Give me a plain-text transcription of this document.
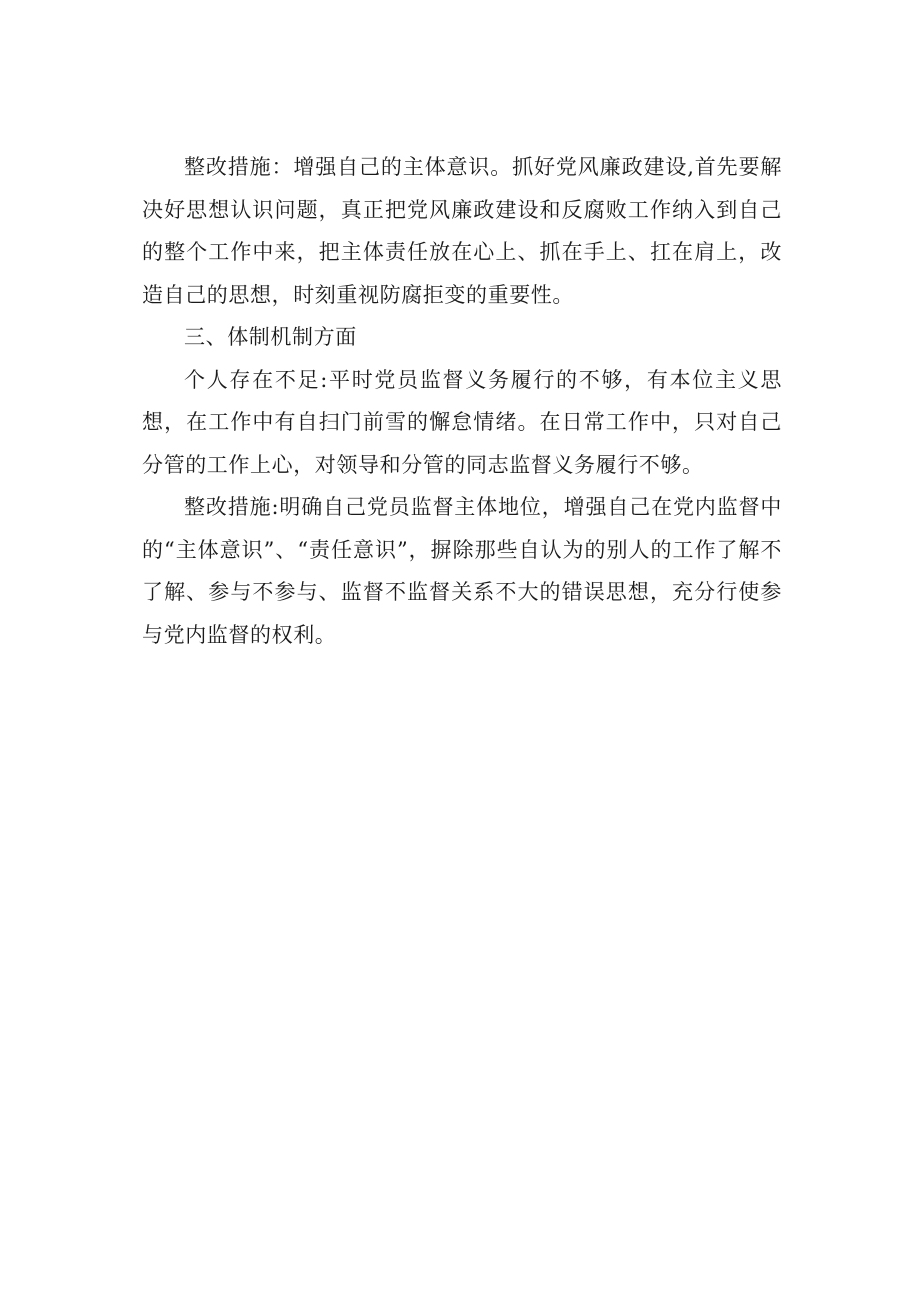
整改措施：增强自己的主体意识。抓好党风廉政建设,首先要解决好思想认识问题，真正把党风廉政建设和反腐败工作纳入到自己的整个工作中来，把主体责任放在心上、抓在手上、扛在肩上，改造自己的思想，时刻重视防腐拒变的重要性。

三、体制机制方面

个人存在不足:平时党员监督义务履行的不够，有本位主义思想，在工作中有自扫门前雪的懈怠情绪。在日常工作中，只对自己分管的工作上心，对领导和分管的同志监督义务履行不够。

整改措施:明确自己党员监督主体地位，增强自己在党内监督中的“主体意识”、“责任意识”，摒除那些自认为的别人的工作了解不了解、参与不参与、监督不监督关系不大的错误思想，充分行使参与党内监督的权利。
